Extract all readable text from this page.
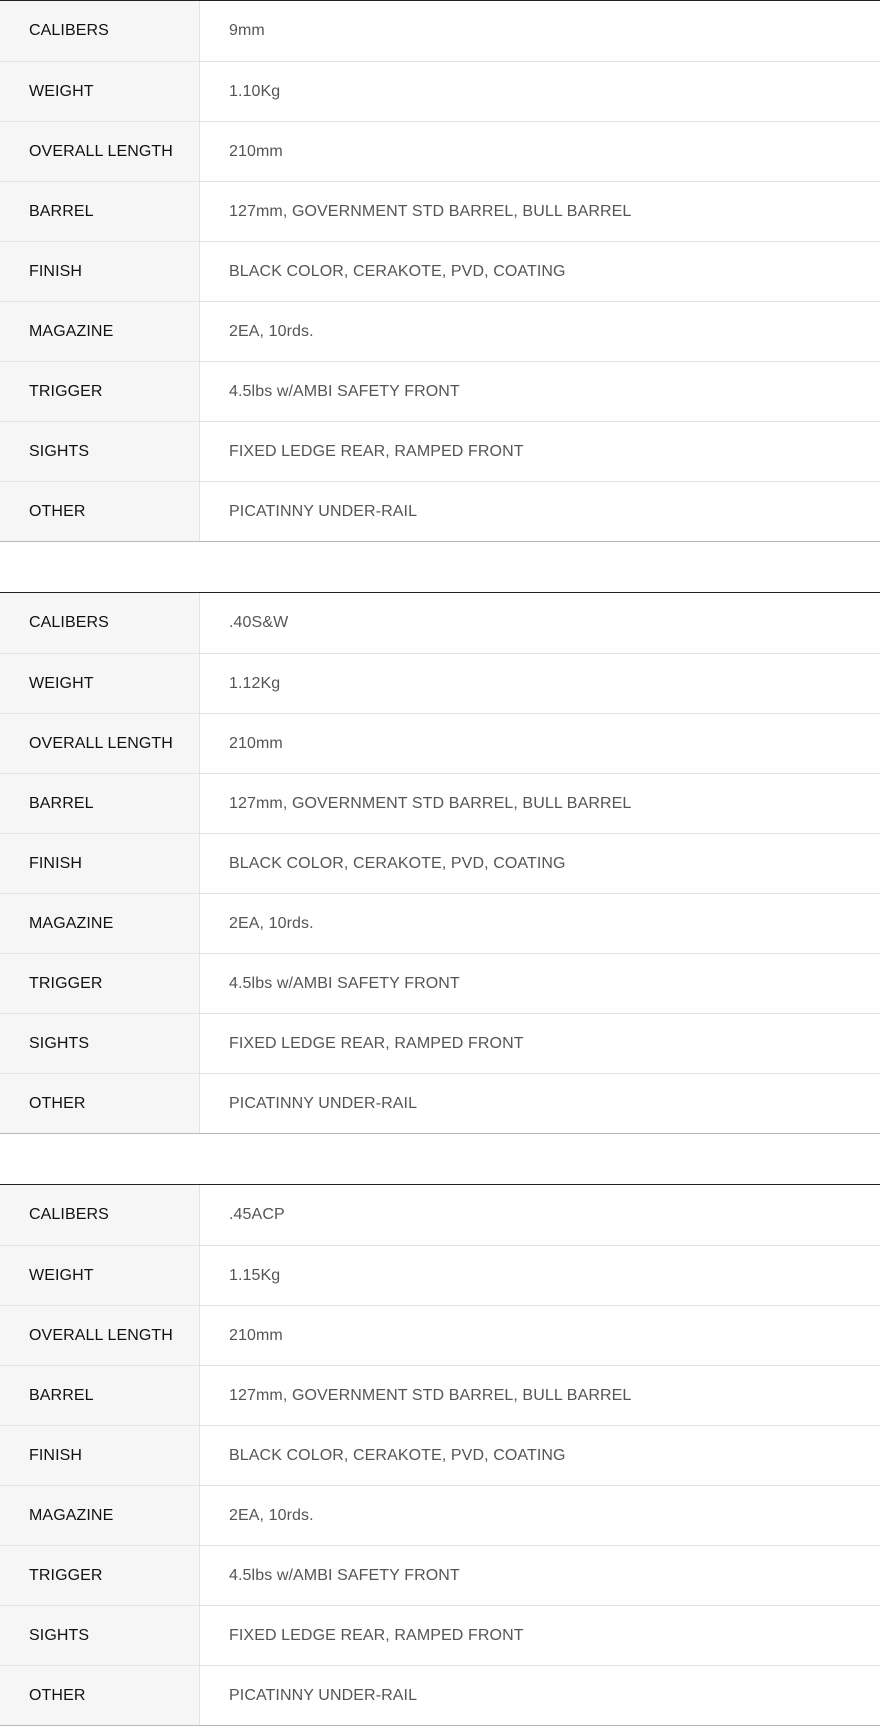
CALIBERS	9mm
WEIGHT	1.10Kg
OVERALL LENGTH	210mm
BARREL	127mm, GOVERNMENT STD BARREL, BULL BARREL
FINISH	BLACK COLOR, CERAKOTE, PVD, COATING
MAGAZINE	2EA, 10rds.
TRIGGER	4.5lbs w/AMBI SAFETY FRONT
SIGHTS	FIXED LEDGE REAR, RAMPED FRONT
OTHER	PICATINNY UNDER-RAIL
CALIBERS	.40S&W
WEIGHT	1.12Kg
OVERALL LENGTH	210mm
BARREL	127mm, GOVERNMENT STD BARREL, BULL BARREL
FINISH	BLACK COLOR, CERAKOTE, PVD, COATING
MAGAZINE	2EA, 10rds.
TRIGGER	4.5lbs w/AMBI SAFETY FRONT
SIGHTS	FIXED LEDGE REAR, RAMPED FRONT
OTHER	PICATINNY UNDER-RAIL
CALIBERS	.45ACP
WEIGHT	1.15Kg
OVERALL LENGTH	210mm
BARREL	127mm, GOVERNMENT STD BARREL, BULL BARREL
FINISH	BLACK COLOR, CERAKOTE, PVD, COATING
MAGAZINE	2EA, 10rds.
TRIGGER	4.5lbs w/AMBI SAFETY FRONT
SIGHTS	FIXED LEDGE REAR, RAMPED FRONT
OTHER	PICATINNY UNDER-RAIL
